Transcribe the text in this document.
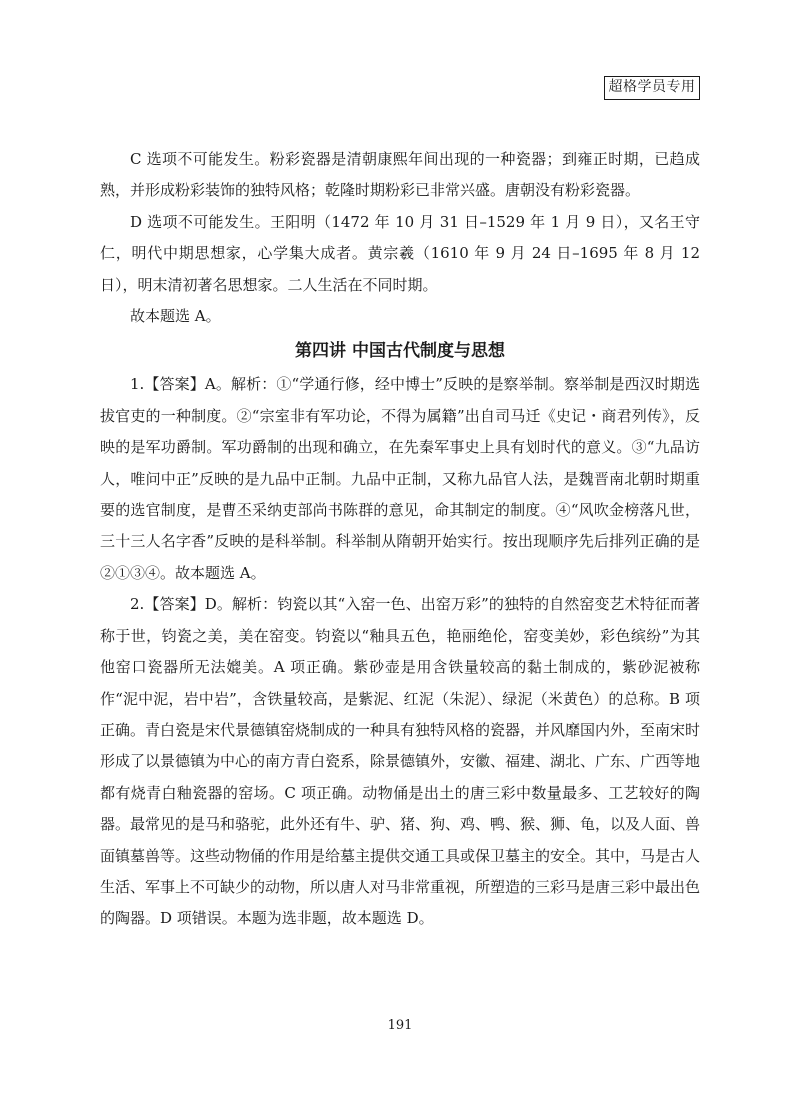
超格学员专用

C 选项不可能发生。粉彩瓷器是清朝康熙年间出现的一种瓷器；到雍正时期，已趋成熟，并形成粉彩装饰的独特风格；乾隆时期粉彩已非常兴盛。唐朝没有粉彩瓷器。

D 选项不可能发生。王阳明（1472 年 10 月 31 日–1529 年 1 月 9 日），又名王守仁，明代中期思想家，心学集大成者。黄宗羲（1610 年 9 月 24 日–1695 年 8 月 12 日），明末清初著名思想家。二人生活在不同时期。

故本题选 A。

第四讲 中国古代制度与思想

1.【答案】A。解析：①“学通行修，经中博士”反映的是察举制。察举制是西汉时期选拔官吏的一种制度。②“宗室非有军功论，不得为属籍”出自司马迁《史记・商君列传》，反映的是军功爵制。军功爵制的出现和确立，在先秦军事史上具有划时代的意义。③“九品访人，唯问中正”反映的是九品中正制。九品中正制，又称九品官人法，是魏晋南北朝时期重要的选官制度，是曹丕采纳吏部尚书陈群的意见，命其制定的制度。④“风吹金榜落凡世，三十三人名字香”反映的是科举制。科举制从隋朝开始实行。按出现顺序先后排列正确的是②①③④。故本题选 A。

2.【答案】D。解析：钧瓷以其“入窑一色、出窑万彩”的独特的自然窑变艺术特征而著称于世，钧瓷之美，美在窑变。钧瓷以“釉具五色，艳丽绝伦，窑变美妙，彩色缤纷”为其他窑口瓷器所无法媲美。A 项正确。紫砂壶是用含铁量较高的黏土制成的，紫砂泥被称作“泥中泥，岩中岩”，含铁量较高，是紫泥、红泥（朱泥）、绿泥（米黄色）的总称。B 项正确。青白瓷是宋代景德镇窑烧制成的一种具有独特风格的瓷器，并风靡国内外，至南宋时形成了以景德镇为中心的南方青白瓷系，除景德镇外，安徽、福建、湖北、广东、广西等地都有烧青白釉瓷器的窑场。C 项正确。动物俑是出土的唐三彩中数量最多、工艺较好的陶器。最常见的是马和骆驼，此外还有牛、驴、猪、狗、鸡、鸭、猴、狮、龟，以及人面、兽面镇墓兽等。这些动物俑的作用是给墓主提供交通工具或保卫墓主的安全。其中，马是古人生活、军事上不可缺少的动物，所以唐人对马非常重视，所塑造的三彩马是唐三彩中最出色的陶器。D 项错误。本题为选非题，故本题选 D。

191
